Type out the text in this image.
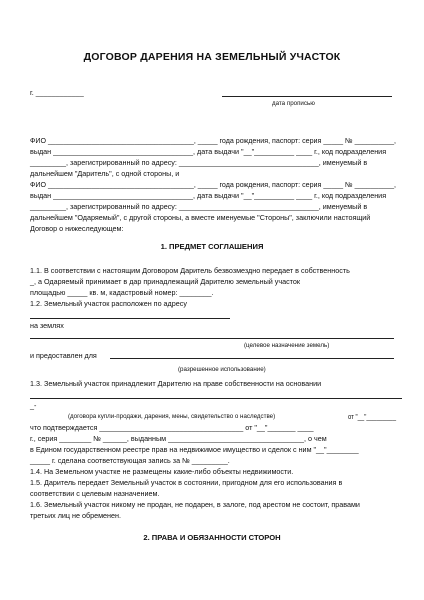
ДОГОВОР ДАРЕНИЯ НА ЗЕМЕЛЬНЫЙ УЧАСТОК
г. ____________
дата прописью
ФИО _____________________________________, _____ года рождения, паспорт: серия _____ № __________,
выдан ___________________________________, дата выдачи "__"__________ ____ г., код подразделения
_________, зарегистрированный по адресу: ___________________________________, именуемый в
дальнейшем "Даритель", с одной стороны, и
ФИО _____________________________________, _____ года рождения, паспорт: серия _____ № __________,
выдан ___________________________________, дата выдачи "__"__________ ____ г., код подразделения
_________, зарегистрированный по адресу: ___________________________________, именуемый в
дальнейшем "Одаряемый", с другой стороны, а вместе именуемые "Стороны", заключили настоящий
Договор о нижеследующем:
1. ПРЕДМЕТ СОГЛАШЕНИЯ
1.1. В соответствии с настоящим Договором Даритель безвозмездно передает в собственность
_, а Одаряемый принимает в дар принадлежащий Дарителю земельный участок
площадью _____ кв. м, кадастровый номер: ________.
1.2. Земельный участок расположен по адресу
на землях
(целевое назначение земель)
и предоставлен для
(разрешенное использование)
1.3. Земельный участок принадлежит Дарителю на праве собственности на основании
_-
(договора купли-продажи, дарения, мены, свидетельство о наследстве)	от "__"_________
что подтверждается ____________________________________ от "__"_______ ____
г., серия ________ № ______, выданным __________________________________, о чем
в Едином государственном реестре прав на недвижимое имущество и сделок с ним "__"________
_____ г. сделана соответствующая запись за № _________.
1.4. На Земельном участке не размещены какие-либо объекты недвижимости.
1.5. Даритель передает Земельный участок в состоянии, пригодном для его использования в
соответствии с целевым назначением.
1.6. Земельный участок никому не продан, не подарен, в залоге, под арестом не состоит, правами
третьих лиц не обременен.
2. ПРАВА И ОБЯЗАННОСТИ СТОРОН
